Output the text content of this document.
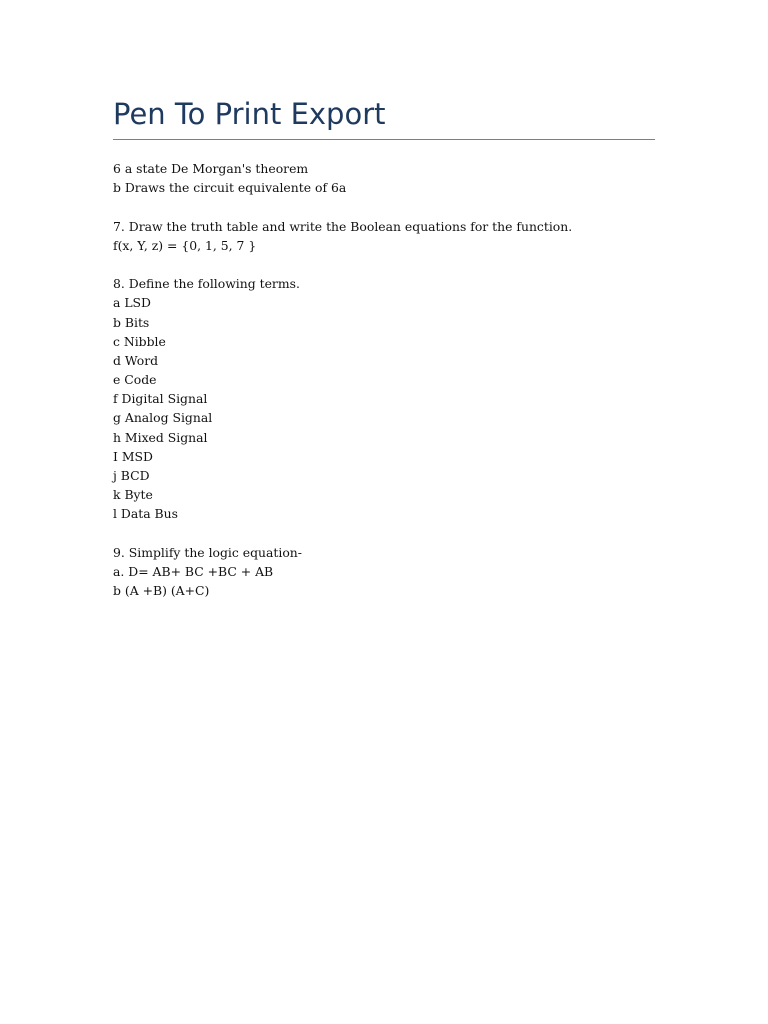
Pen To Print Export
6 a state De Morgan's theorem
b Draws the circuit equivalente of 6a
7. Draw the truth table and write the Boolean equations for the function.
f(x, Y, z) = {0, 1, 5, 7 }
8. Define the following terms.
a LSD
b Bits
c Nibble
d Word
e Code
f Digital Signal
g Analog Signal
h Mixed Signal
I MSD
j BCD
k Byte
l Data Bus
9. Simplify the logic equation-
a. D= AB+ BC +BC + AB
b (A +B) (A+C)
